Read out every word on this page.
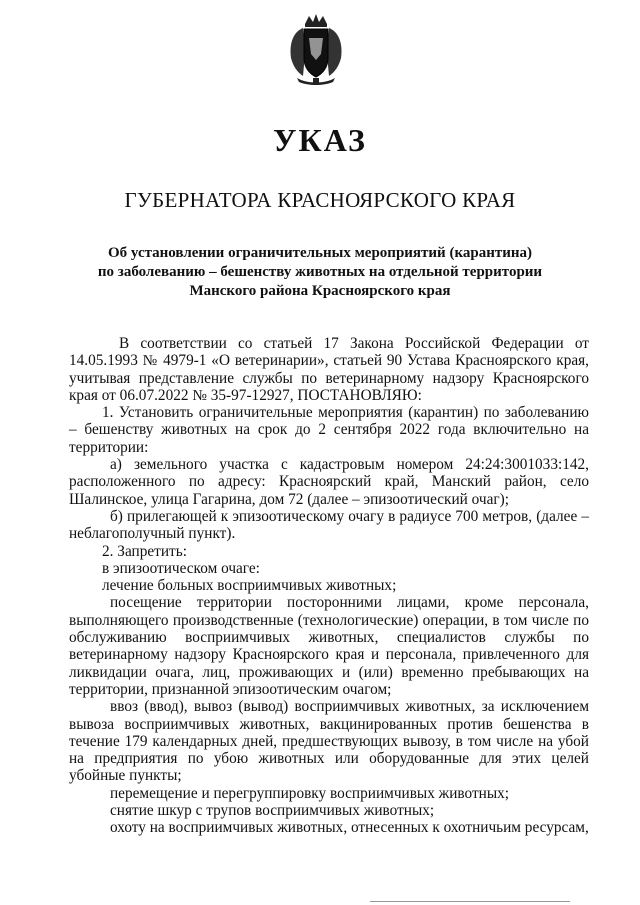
УКАЗ
ГУБЕРНАТОРА КРАСНОЯРСКОГО КРАЯ
Об установлении ограничительных мероприятий (карантина)
по заболеванию – бешенству животных на отдельной территории
Манского района Красноярского края

В соответствии со статьей 17 Закона Российской Федерации от 14.05.1993 № 4979-1 «О ветеринарии», статьей 90 Устава Красноярского края, учитывая представление службы по ветеринарному надзору Красноярского края от 06.07.2022 № 35-97-12927, ПОСТАНОВЛЯЮ:

1. Установить ограничительные мероприятия (карантин) по заболеванию – бешенству животных на срок до 2 сентября 2022 года включительно на территории:

а) земельного участка с кадастровым номером 24:24:3001033:142, расположенного по адресу: Красноярский край, Манский район, село Шалинское, улица Гагарина, дом 72 (далее – эпизоотический очаг);

б) прилегающей к эпизоотическому очагу в радиусе 700 метров, (далее – неблагополучный пункт).

2. Запретить:

в эпизоотическом очаге:

лечение больных восприимчивых животных;

посещение территории посторонними лицами, кроме персонала, выполняющего производственные (технологические) операции, в том числе по обслуживанию восприимчивых животных, специалистов службы по ветеринарному надзору Красноярского края и персонала, привлеченного для ликвидации очага, лиц, проживающих и (или) временно пребывающих на территории, признанной эпизоотическим очагом;

ввоз (ввод), вывоз (вывод) восприимчивых животных, за исключением вывоза восприимчивых животных, вакцинированных против бешенства в течение 179 календарных дней, предшествующих вывозу, в том числе на убой на предприятия по убою животных или оборудованные для этих целей убойные пункты;

перемещение и перегруппировку восприимчивых животных;

снятие шкур с трупов восприимчивых животных;

охоту на восприимчивых животных, отнесенных к охотничьим ресурсам,
